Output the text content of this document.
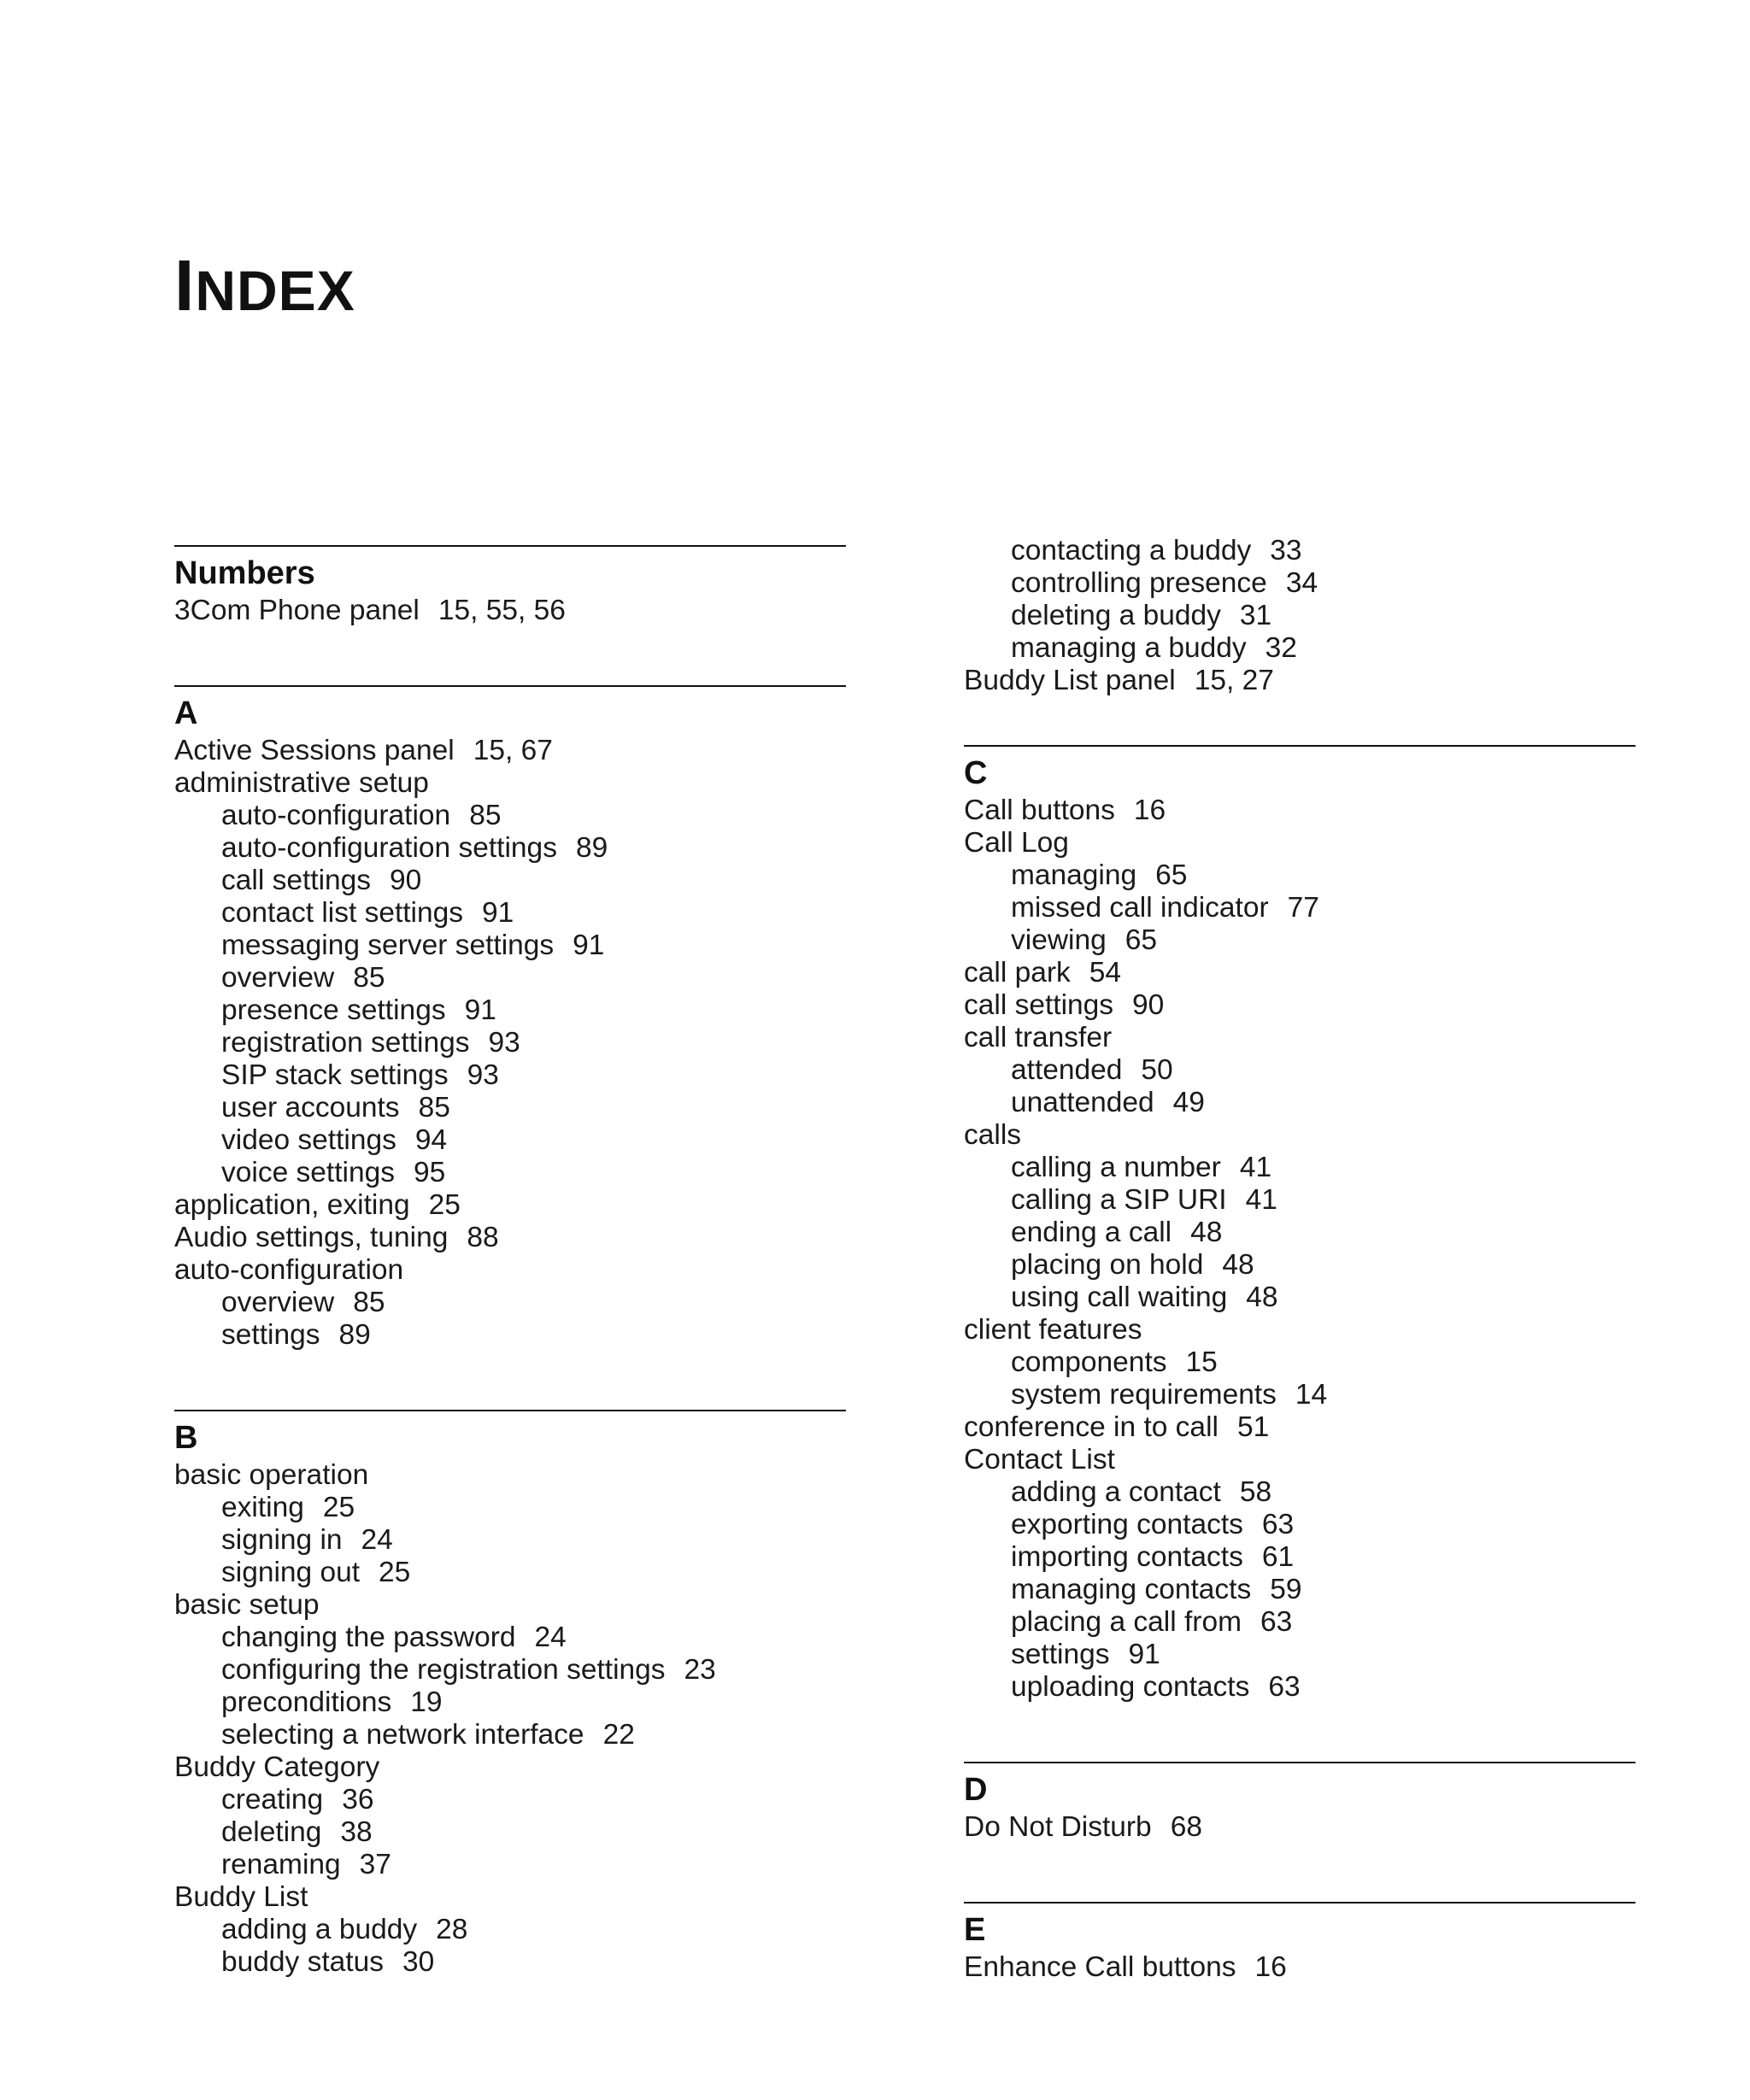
INDEX
Numbers
3Com Phone panel 15, 55, 56
A
Active Sessions panel 15, 67
administrative setup
auto-configuration 85
auto-configuration settings 89
call settings 90
contact list settings 91
messaging server settings 91
overview 85
presence settings 91
registration settings 93
SIP stack settings 93
user accounts 85
video settings 94
voice settings 95
application, exiting 25
Audio settings, tuning 88
auto-configuration
overview 85
settings 89
B
basic operation
exiting 25
signing in 24
signing out 25
basic setup
changing the password 24
configuring the registration settings 23
preconditions 19
selecting a network interface 22
Buddy Category
creating 36
deleting 38
renaming 37
Buddy List
adding a buddy 28
buddy status 30
contacting a buddy 33
controlling presence 34
deleting a buddy 31
managing a buddy 32
Buddy List panel 15, 27
C
Call buttons 16
Call Log
managing 65
missed call indicator 77
viewing 65
call park 54
call settings 90
call transfer
attended 50
unattended 49
calls
calling a number 41
calling a SIP URI 41
ending a call 48
placing on hold 48
using call waiting 48
client features
components 15
system requirements 14
conference in to call 51
Contact List
adding a contact 58
exporting contacts 63
importing contacts 61
managing contacts 59
placing a call from 63
settings 91
uploading contacts 63
D
Do Not Disturb 68
E
Enhance Call buttons 16
